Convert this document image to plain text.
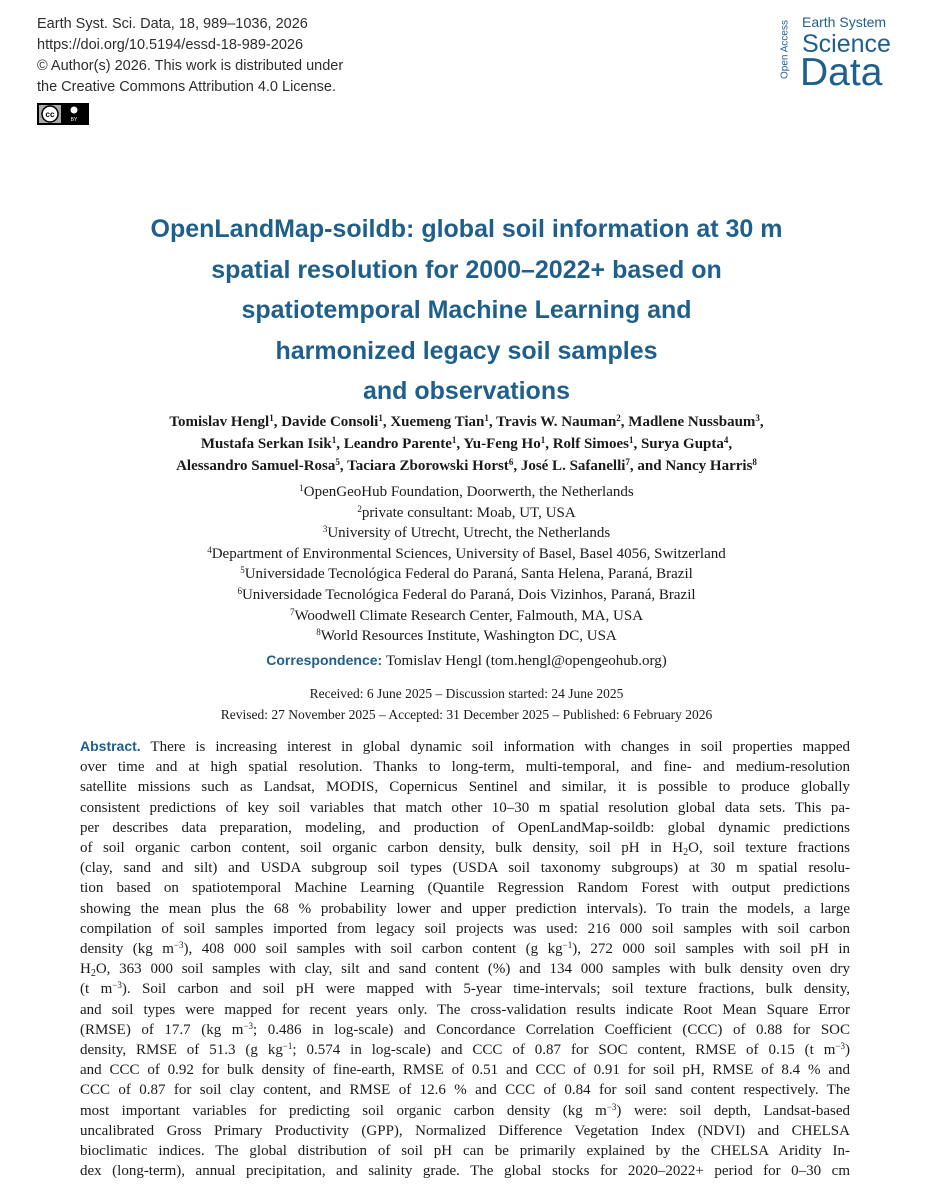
Earth Syst. Sci. Data, 18, 989–1036, 2026
https://doi.org/10.5194/essd-18-989-2026
© Author(s) 2026. This work is distributed under
the Creative Commons Attribution 4.0 License.
cc
BY
Open Access Earth System
Science
Data
OpenLandMap-soildb: global soil information at 30 m
spatial resolution for 2000–2022+ based on
spatiotemporal Machine Learning and
harmonized legacy soil samples
and observations
Tomislav Hengl$^1$, Davide Consoli$^1$, Xuemeng Tian$^1$, Travis W. Nauman$^2$, Madlene Nussbaum$^3$,
Mustafa Serkan Isik$^1$, Leandro Parente$^1$, Yu-Feng Ho$^1$, Rolf Simoes$^1$, Surya Gupta$^4$,
Alessandro Samuel-Rosa$^5$, Taciara Zborowski Horst$^6$, José L. Safanelli$^7$, and Nancy Harris$^8$
$^1$OpenGeoHub Foundation, Doorwerth, the Netherlands
$^2$private consultant: Moab, UT, USA
$^3$University of Utrecht, Utrecht, the Netherlands
$^4$Department of Environmental Sciences, University of Basel, Basel 4056, Switzerland
$^5$Universidade Tecnológica Federal do Paraná, Santa Helena, Paraná, Brazil
$^6$Universidade Tecnológica Federal do Paraná, Dois Vizinhos, Paraná, Brazil
$^7$Woodwell Climate Research Center, Falmouth, MA, USA
$^8$World Resources Institute, Washington DC, USA
Correspondence: Tomislav Hengl (tom.hengl@opengeohub.org)
Received: 6 June 2025 – Discussion started: 24 June 2025
Revised: 27 November 2025 – Accepted: 31 December 2025 – Published: 6 February 2026
Abstract. There is increasing interest in global dynamic soil information with changes in soil properties mapped
over time and at high spatial resolution. Thanks to long-term, multi-temporal, and fine- and medium-resolution
satellite missions such as Landsat, MODIS, Copernicus Sentinel and similar, it is possible to produce globally
consistent predictions of key soil variables that match other 10–30 m spatial resolution global data sets. This pa-
per describes data preparation, modeling, and production of OpenLandMap-soildb: global dynamic predictions
of soil organic carbon content, soil organic carbon density, bulk density, soil pH in $H_2O$, soil texture fractions
(clay, sand and silt) and USDA subgroup soil types (USDA soil taxonomy subgroups) at 30 m spatial resolu-
tion based on spatiotemporal Machine Learning (Quantile Regression Random Forest with output predictions
showing the mean plus the 68 % probability lower and upper prediction intervals). To train the models, a large
compilation of soil samples imported from legacy soil projects was used: 216 000 soil samples with soil carbon
density (kg $m^{-3}$), 408 000 soil samples with soil carbon content (g $kg^{-1}$), 272 000 soil samples with soil pH in
$H_2O$, 363 000 soil samples with clay, silt and sand content (%) and 134 000 samples with bulk density oven dry
(t $m^{-3}$). Soil carbon and soil pH were mapped with 5-year time-intervals; soil texture fractions, bulk density,
and soil types were mapped for recent years only. The cross-validation results indicate Root Mean Square Error
(RMSE) of 17.7 (kg $m^{-3}$; 0.486 in log-scale) and Concordance Correlation Coefficient (CCC) of 0.88 for SOC
density, RMSE of 51.3 (g $kg^{-1}$; 0.574 in log-scale) and CCC of 0.87 for SOC content, RMSE of 0.15 (t $m^{-3}$)
and CCC of 0.92 for bulk density of fine-earth, RMSE of 0.51 and CCC of 0.91 for soil pH, RMSE of 8.4 % and
CCC of 0.87 for soil clay content, and RMSE of 12.6 % and CCC of 0.84 for soil sand content respectively. The
most important variables for predicting soil organic carbon density (kg $m^{-3}$) were: soil depth, Landsat-based
uncalibrated Gross Primary Productivity (GPP), Normalized Difference Vegetation Index (NDVI) and CHELSA
bioclimatic indices. The global distribution of soil pH can be primarily explained by the CHELSA Aridity In-
dex (long-term), annual precipitation, and salinity grade. The global stocks for 2020–2022+ period for 0–30 cm
